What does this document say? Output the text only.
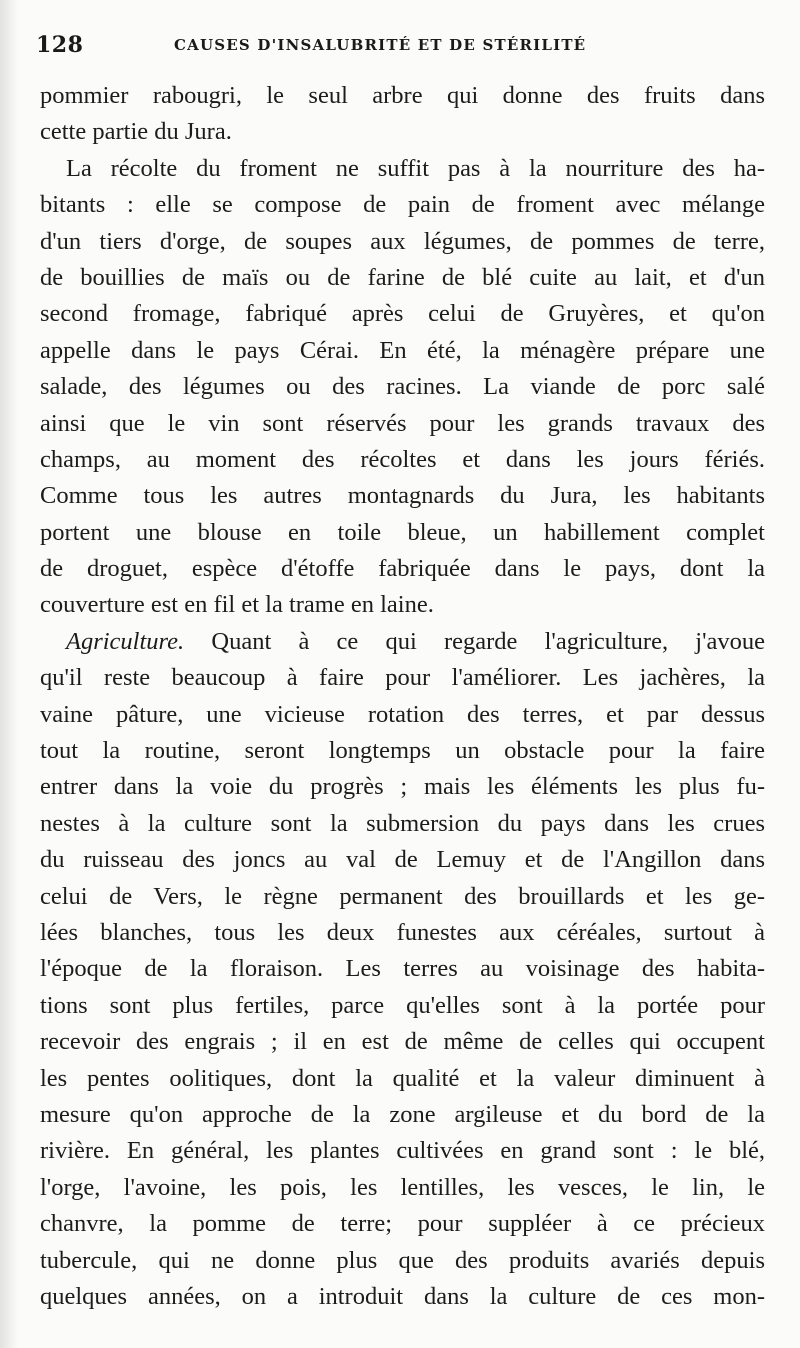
128	CAUSES D'INSALUBRITÉ ET DE STÉRILITÉ
pommier rabougri, le seul arbre qui donne des fruits dans
cette partie du Jura.
La récolte du froment ne suffit pas à la nourriture des ha-
bitants : elle se compose de pain de froment avec mélange
d'un tiers d'orge, de soupes aux légumes, de pommes de terre,
de bouillies de maïs ou de farine de blé cuite au lait, et d'un
second fromage, fabriqué après celui de Gruyères, et qu'on
appelle dans le pays Cérai. En été, la ménagère prépare une
salade, des légumes ou des racines. La viande de porc salé
ainsi que le vin sont réservés pour les grands travaux des
champs, au moment des récoltes et dans les jours fériés.
Comme tous les autres montagnards du Jura, les habitants
portent une blouse en toile bleue, un habillement complet
de droguet, espèce d'étoffe fabriquée dans le pays, dont la
couverture est en fil et la trame en laine.
Agriculture. Quant à ce qui regarde l'agriculture, j'avoue
qu'il reste beaucoup à faire pour l'améliorer. Les jachères, la
vaine pâture, une vicieuse rotation des terres, et par dessus
tout la routine, seront longtemps un obstacle pour la faire
entrer dans la voie du progrès ; mais les éléments les plus fu-
nestes à la culture sont la submersion du pays dans les crues
du ruisseau des joncs au val de Lemuy et de l'Angillon dans
celui de Vers, le règne permanent des brouillards et les ge-
lées blanches, tous les deux funestes aux céréales, surtout à
l'époque de la floraison. Les terres au voisinage des habita-
tions sont plus fertiles, parce qu'elles sont à la portée pour
recevoir des engrais ; il en est de même de celles qui occupent
les pentes oolitiques, dont la qualité et la valeur diminuent à
mesure qu'on approche de la zone argileuse et du bord de la
rivière. En général, les plantes cultivées en grand sont : le blé,
l'orge, l'avoine, les pois, les lentilles, les vesces, le lin, le
chanvre, la pomme de terre; pour suppléer à ce précieux
tubercule, qui ne donne plus que des produits avariés depuis
quelques années, on a introduit dans la culture de ces mon-
